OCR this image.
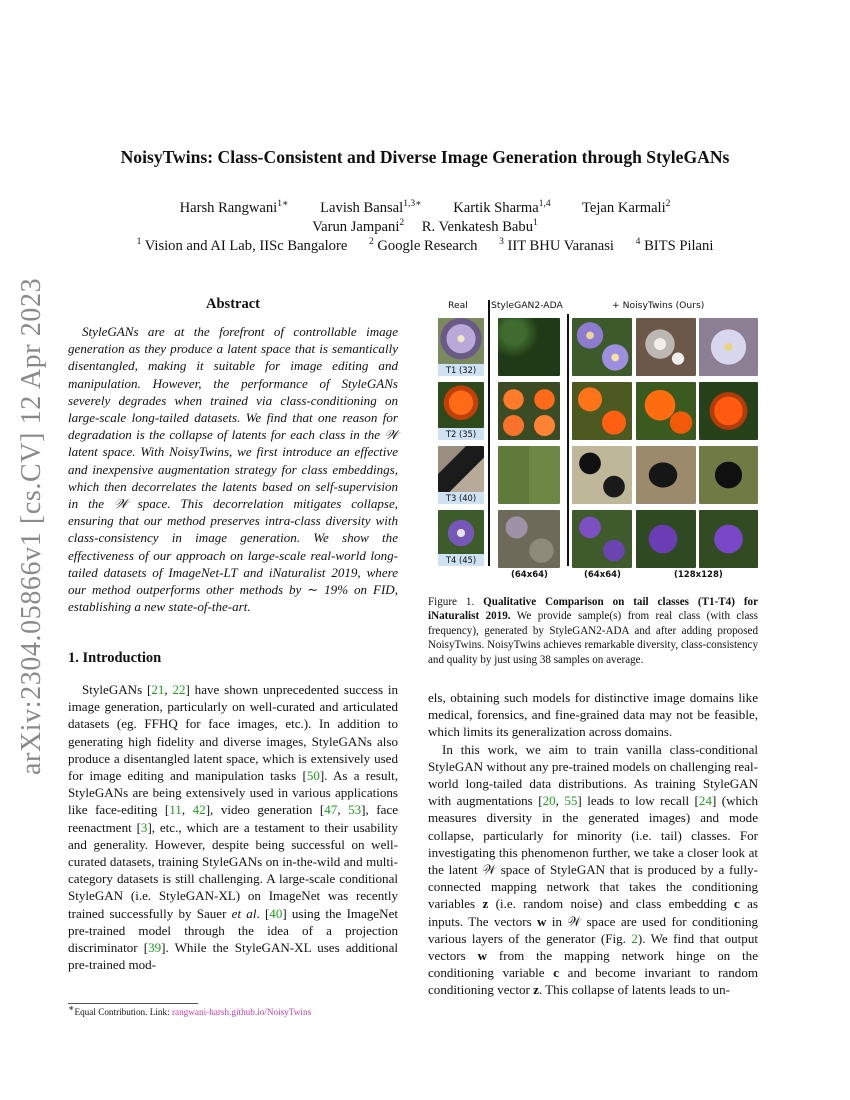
arXiv:2304.05866v1 [cs.CV] 12 Apr 2023
NoisyTwins: Class-Consistent and Diverse Image Generation through StyleGANs
Harsh Rangwani$^{1∗}$ Lavish Bansal$^{1,3∗}$ Kartik Sharma$^{1,4}$ Tejan Karmali$^2$
Varun Jampani$^2$ R. Venkatesh Babu$^1$
$^1$ Vision and AI Lab, IISc Bangalore $^2$ Google Research $^3$ IIT BHU Varanasi $^4$ BITS Pilani
Abstract
StyleGANs are at the forefront of controllable image generation as they produce a latent space that is semantically disentangled, making it suitable for image editing and manipulation. However, the performance of StyleGANs severely degrades when trained via class-conditioning on large-scale long-tailed datasets. We find that one reason for degradation is the collapse of latents for each class in the 𝒲 latent space. With NoisyTwins, we first introduce an effective and inexpensive augmentation strategy for class embeddings, which then decorrelates the latents based on self-supervision in the 𝒲 space. This decorrelation mitigates collapse, ensuring that our method preserves intra-class diversity with class-consistency in image generation. We show the effectiveness of our approach on large-scale real-world long-tailed datasets of ImageNet-LT and iNaturalist 2019, where our method outperforms other methods by ∼ 19% on FID, establishing a new state-of-the-art.
1. Introduction
StyleGANs [21, 22] have shown unprecedented success in image generation, particularly on well-curated and articulated datasets (eg. FFHQ for face images, etc.). In addition to generating high fidelity and diverse images, StyleGANs also produce a disentangled latent space, which is extensively used for image editing and manipulation tasks [50]. As a result, StyleGANs are being extensively used in various applications like face-editing [11, 42], video generation [47, 53], face reenactment [3], etc., which are a testament to their usability and generality. However, despite being successful on well-curated datasets, training StyleGANs on in-the-wild and multi-category datasets is still challenging. A large-scale conditional StyleGAN (i.e. StyleGAN-XL) on ImageNet was recently trained successfully by Sauer et al. [40] using the ImageNet pre-trained model through the idea of a projection discriminator [39]. While the StyleGAN-XL uses additional pre-trained mod-
∗Equal Contribution. Link: rangwani-harsh.github.io/NoisyTwins
Real	StyleGAN2-ADA	+ NoisyTwins (Ours)
T1 (32)
T2 (35)
T3 (40)
T4 (45)
(64x64)	(64x64)	(128x128)
Figure 1. Qualitative Comparison on tail classes (T1-T4) for iNaturalist 2019. We provide sample(s) from real class (with class frequency), generated by StyleGAN2-ADA and after adding proposed NoisyTwins. NoisyTwins achieves remarkable diversity, class-consistency and quality by just using 38 samples on average.

els, obtaining such models for distinctive image domains like medical, forensics, and fine-grained data may not be feasible, which limits its generalization across domains.

In this work, we aim to train vanilla class-conditional StyleGAN without any pre-trained models on challenging real-world long-tailed data distributions. As training StyleGAN with augmentations [20, 55] leads to low recall [24] (which measures diversity in the generated images) and mode collapse, particularly for minority (i.e. tail) classes. For investigating this phenomenon further, we take a closer look at the latent 𝒲 space of StyleGAN that is produced by a fully-connected mapping network that takes the conditioning variables z (i.e. random noise) and class embedding c as inputs. The vectors w in 𝒲 space are used for conditioning various layers of the generator (Fig. 2). We find that output vectors w from the mapping network hinge on the conditioning variable c and become invariant to random conditioning vector z. This collapse of latents leads to un-
